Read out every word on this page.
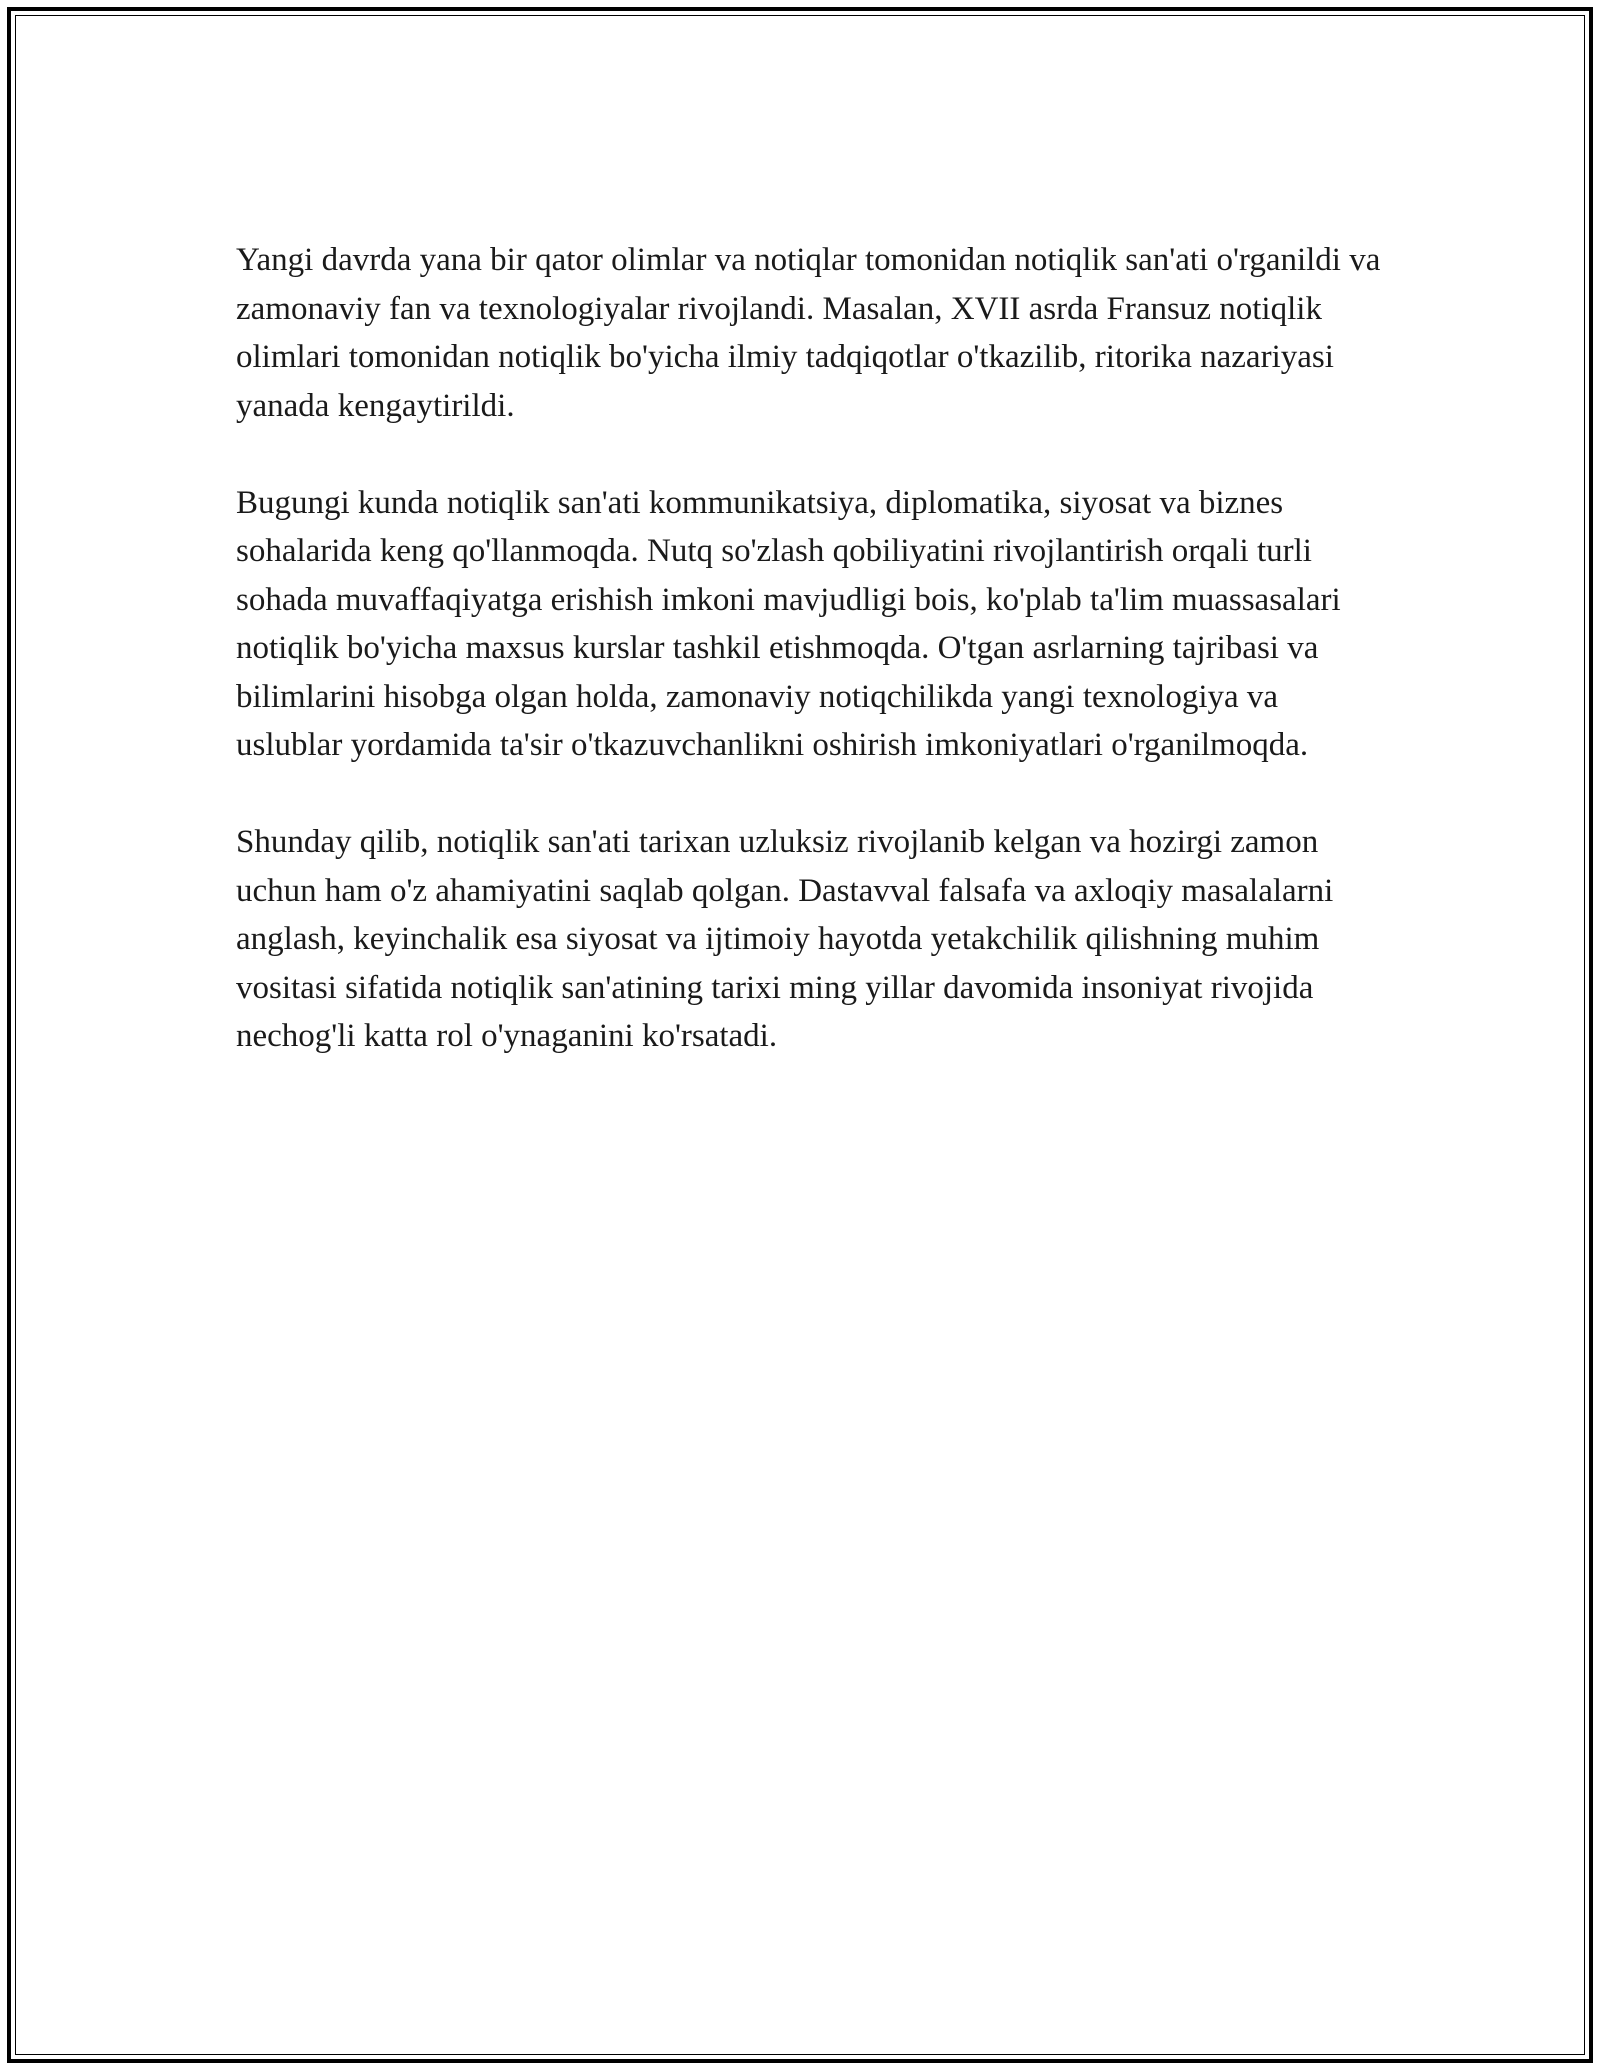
Yangi davrda yana bir qator olimlar va notiqlar tomonidan notiqlik san'ati o'rganildi va zamonaviy fan va texnologiyalar rivojlandi. Masalan, XVII asrda Fransuz notiqlik olimlari tomonidan notiqlik bo'yicha ilmiy tadqiqotlar o'tkazilib, ritorika nazariyasi yanada kengaytirildi.

Bugungi kunda notiqlik san'ati kommunikatsiya, diplomatika, siyosat va biznes sohalarida keng qo'llanmoqda. Nutq so'zlash qobiliyatini rivojlantirish orqali turli sohada muvaffaqiyatga erishish imkoni mavjudligi bois, ko'plab ta'lim muassasalari notiqlik bo'yicha maxsus kurslar tashkil etishmoqda. O'tgan asrlarning tajribasi va bilimlarini hisobga olgan holda, zamonaviy notiqchilikda yangi texnologiya va uslublar yordamida ta'sir o'tkazuvchanlikni oshirish imkoniyatlari o'rganilmoqda.

Shunday qilib, notiqlik san'ati tarixan uzluksiz rivojlanib kelgan va hozirgi zamon uchun ham o'z ahamiyatini saqlab qolgan. Dastavval falsafa va axloqiy masalalarni anglash, keyinchalik esa siyosat va ijtimoiy hayotda yetakchilik qilishning muhim vositasi sifatida notiqlik san'atining tarixi ming yillar davomida insoniyat rivojida nechog'li katta rol o'ynaganini ko'rsatadi.
